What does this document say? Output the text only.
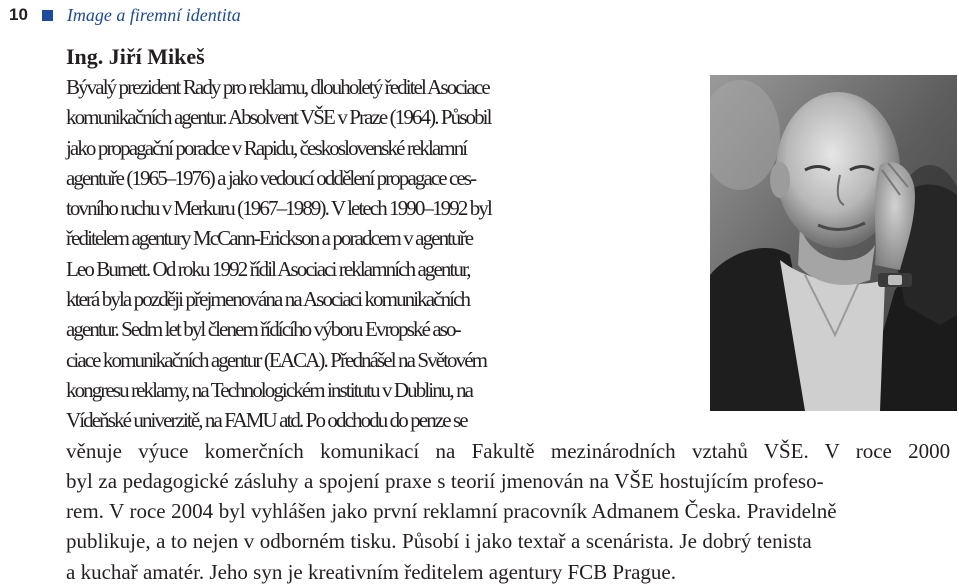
10 Image a firemní identita
Ing. Jiří Mikeš
Bývalý prezident Rady pro reklamu, dlouholetý ředitel Asociace
komunikačních agentur. Absolvent VŠE v Praze (1964). Působil
jako propagační poradce v Rapidu, československé reklamní
agentuře (1965–1976) a jako vedoucí oddělení propagace ces-
tovního ruchu v Merkuru (1967–1989). V letech 1990–1992 byl
ředitelem agentury McCann-Erickson a poradcem v agentuře
Leo Burnett. Od roku 1992 řídil Asociaci reklamních agentur,
která byla později přejmenována na Asociaci komunikačních
agentur. Sedm let byl členem řídícího výboru Evropské aso-
ciace komunikačních agentur (EACA). Přednášel na Světovém
kongresu reklamy, na Technologickém institutu v Dublinu, na
Vídeňské univerzitě, na FAMU atd. Po odchodu do penze se
věnuje výuce komerčních komunikací na Fakultě mezinárodních vztahů VŠE. V roce 2000
byl za pedagogické zásluhy a spojení praxe s teorií jmenován na VŠE hostujícím profeso-
rem. V roce 2004 byl vyhlášen jako první reklamní pracovník Admanem Česka. Pravidelně
publikuje, a to nejen v odborném tisku. Působí i jako textař a scenárista. Je dobrý tenista
a kuchař amatér. Jeho syn je kreativním ředitelem agentury FCB Prague.
